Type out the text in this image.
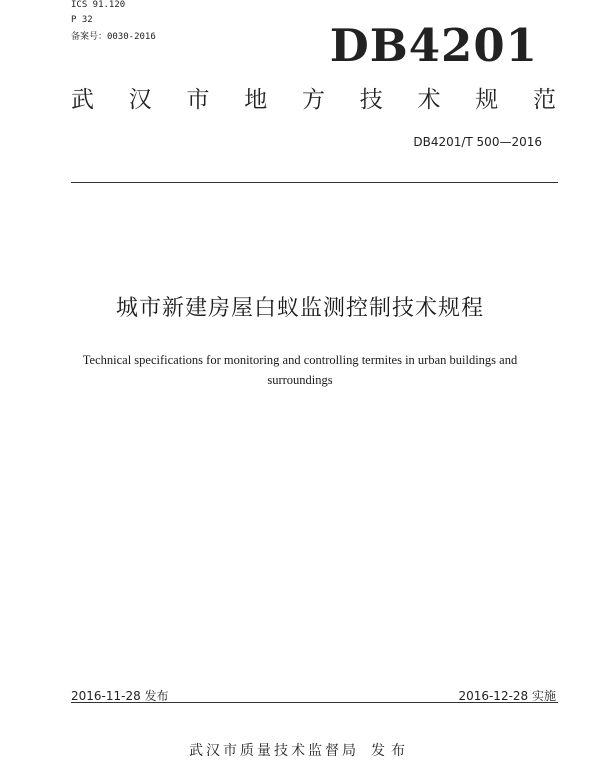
ICS 91.120
P 32
备案号：0030-2016	DB4201
武 汉 市 地 方 技 术 规 范
DB4201/T 500—2016
城市新建房屋白蚁监测控制技术规程
Technical specifications for monitoring and controlling termites in urban buildings and surroundings
2016-11-28 发布	2016-12-28 实施
武汉市质量技术监督局 发布
